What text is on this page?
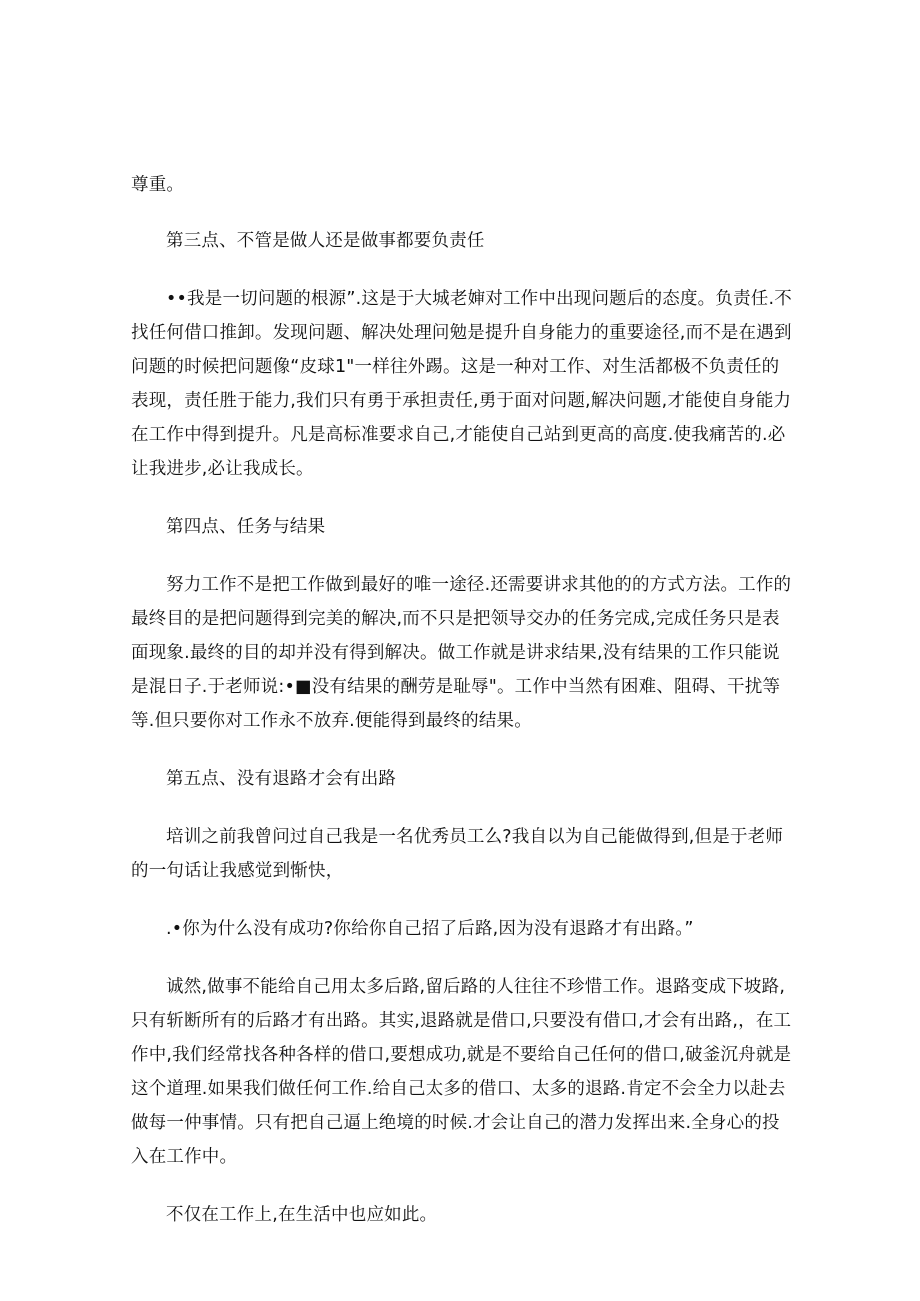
尊重。

第三点、不管是做人还是做事都要负责任

••我是一切问题的根源”.这是于大城老婶对工作中出现问题后的态度。负责任.不找任何借口推卸。发现问题、解决处理问勉是提升自身能力的重要途径,而不是在遇到问题的时候把问题像“皮球1"一样往外踢。这是一种对工作、对生活都极不负责任的表现，责任胜于能力,我们只有勇于承担责任,勇于面对问题,解决问题,才能使自身能力在工作中得到提升。凡是高标准要求自己,才能使自己站到更高的高度.使我痛苦的.必让我进步,必让我成长。

第四点、任务与结果

努力工作不是把工作做到最好的唯一途径.还需要讲求其他的的方式方法。工作的最终目的是把问题得到完美的解决,而不只是把领导交办的任务完成,完成任务只是表面现象.最终的目的却并没有得到解决。做工作就是讲求结果,没有结果的工作只能说是混日子.于老师说:•■没有结果的酬劳是耻辱"。工作中当然有困难、阻碍、干扰等等.但只要你对工作永不放弃.便能得到最终的结果。

第五点、没有退路才会有出路

培训之前我曾问过自己我是一名优秀员工么?我自以为自己能做得到,但是于老师的一句话让我感觉到惭快，

.•你为什么没有成功?你给你自己招了后路,因为没有退路才有出路。”

诚然,做事不能给自己用太多后路,留后路的人往往不珍惜工作。退路变成下坡路,只有斩断所有的后路才有出路。其实,退路就是借口,只要没有借口,才会有出路,，在工作中,我们经常找各种各样的借口,要想成功,就是不要给自己任何的借口,破釜沉舟就是这个道理.如果我们做任何工作.给自己太多的借口、太多的退路.肯定不会全力以赴去做每一仲事情。只有把自己逼上绝境的时候.才会让自己的潜力发挥出来.全身心的投入在工作中。

不仅在工作上,在生活中也应如此。
